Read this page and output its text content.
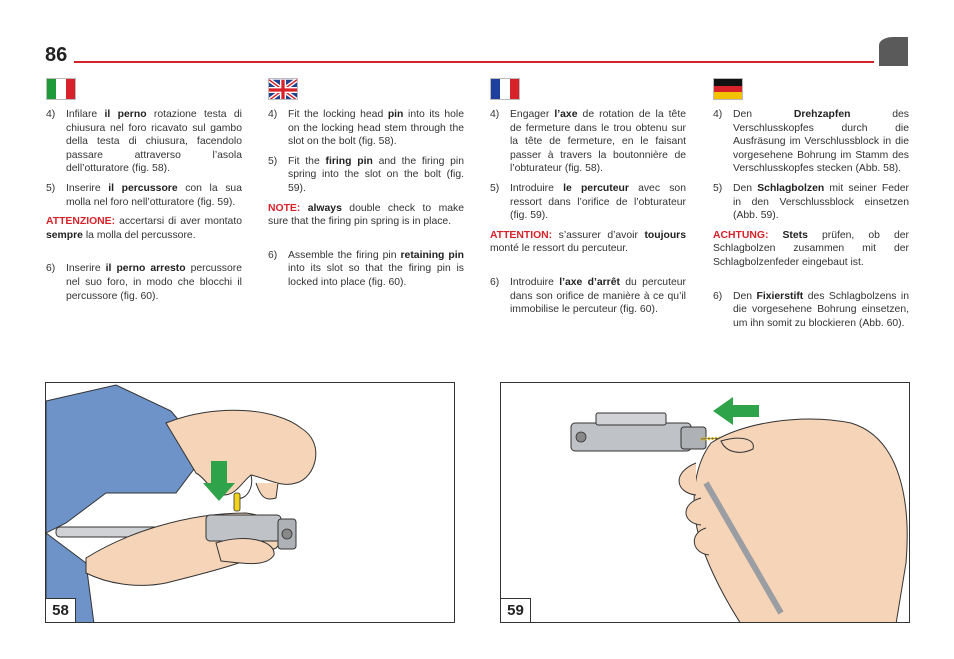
86
4)	Infilare il perno rotazione testa di chiusura nel foro ricavato sul gambo della testa di chiusura, facendolo passare attraverso l’asola dell’otturatore (fig. 58).
5)	Inserire il percussore con la sua molla nel foro nell’otturatore (fig. 59).
ATTENZIONE: accertarsi di aver montato sempre la molla del percussore.
6)	Inserire il perno arresto percussore nel suo foro, in modo che blocchi il percussore (fig. 60).
4)	Fit the locking head pin into its hole on the locking head stem through the slot on the bolt (fig. 58).
5)	Fit the firing pin and the firing pin spring into the slot on the bolt (fig. 59).
NOTE: always double check to make sure that the firing pin spring is in place.
6)	Assemble the firing pin retaining pin into its slot so that the firing pin is locked into place (fig. 60).
4)	Engager l’axe de rotation de la tête de fermeture dans le trou obtenu sur la tête de fermeture, en le faisant passer à travers la boutonnière de l’obturateur (fig. 58).
5)	Introduire le percuteur avec son ressort dans l’orifice de l’obturateur (fig. 59).
ATTENTION: s’assurer d’avoir toujours monté le ressort du percuteur.
6)	Introduire l’axe d’arrêt du percuteur dans son orifice de manière à ce qu’il immobilise le percuteur (fig. 60).
4)	Den Drehzapfen des Verschlusskopfes durch die Ausfräsung im Verschlussblock in die vorgesehene Bohrung im Stamm des Verschlusskopfes stecken (Abb. 58).
5)	Den Schlagbolzen mit seiner Feder in den Verschlussblock einsetzen (Abb. 59).
ACHTUNG: Stets prüfen, ob der Schlagbolzen zusammen mit der Schlagbolzenfeder eingebaut ist.
6)	Den Fixierstift des Schlagbolzens in die vorgesehene Bohrung einsetzen, um ihn somit zu blockieren (Abb. 60).
58	59
